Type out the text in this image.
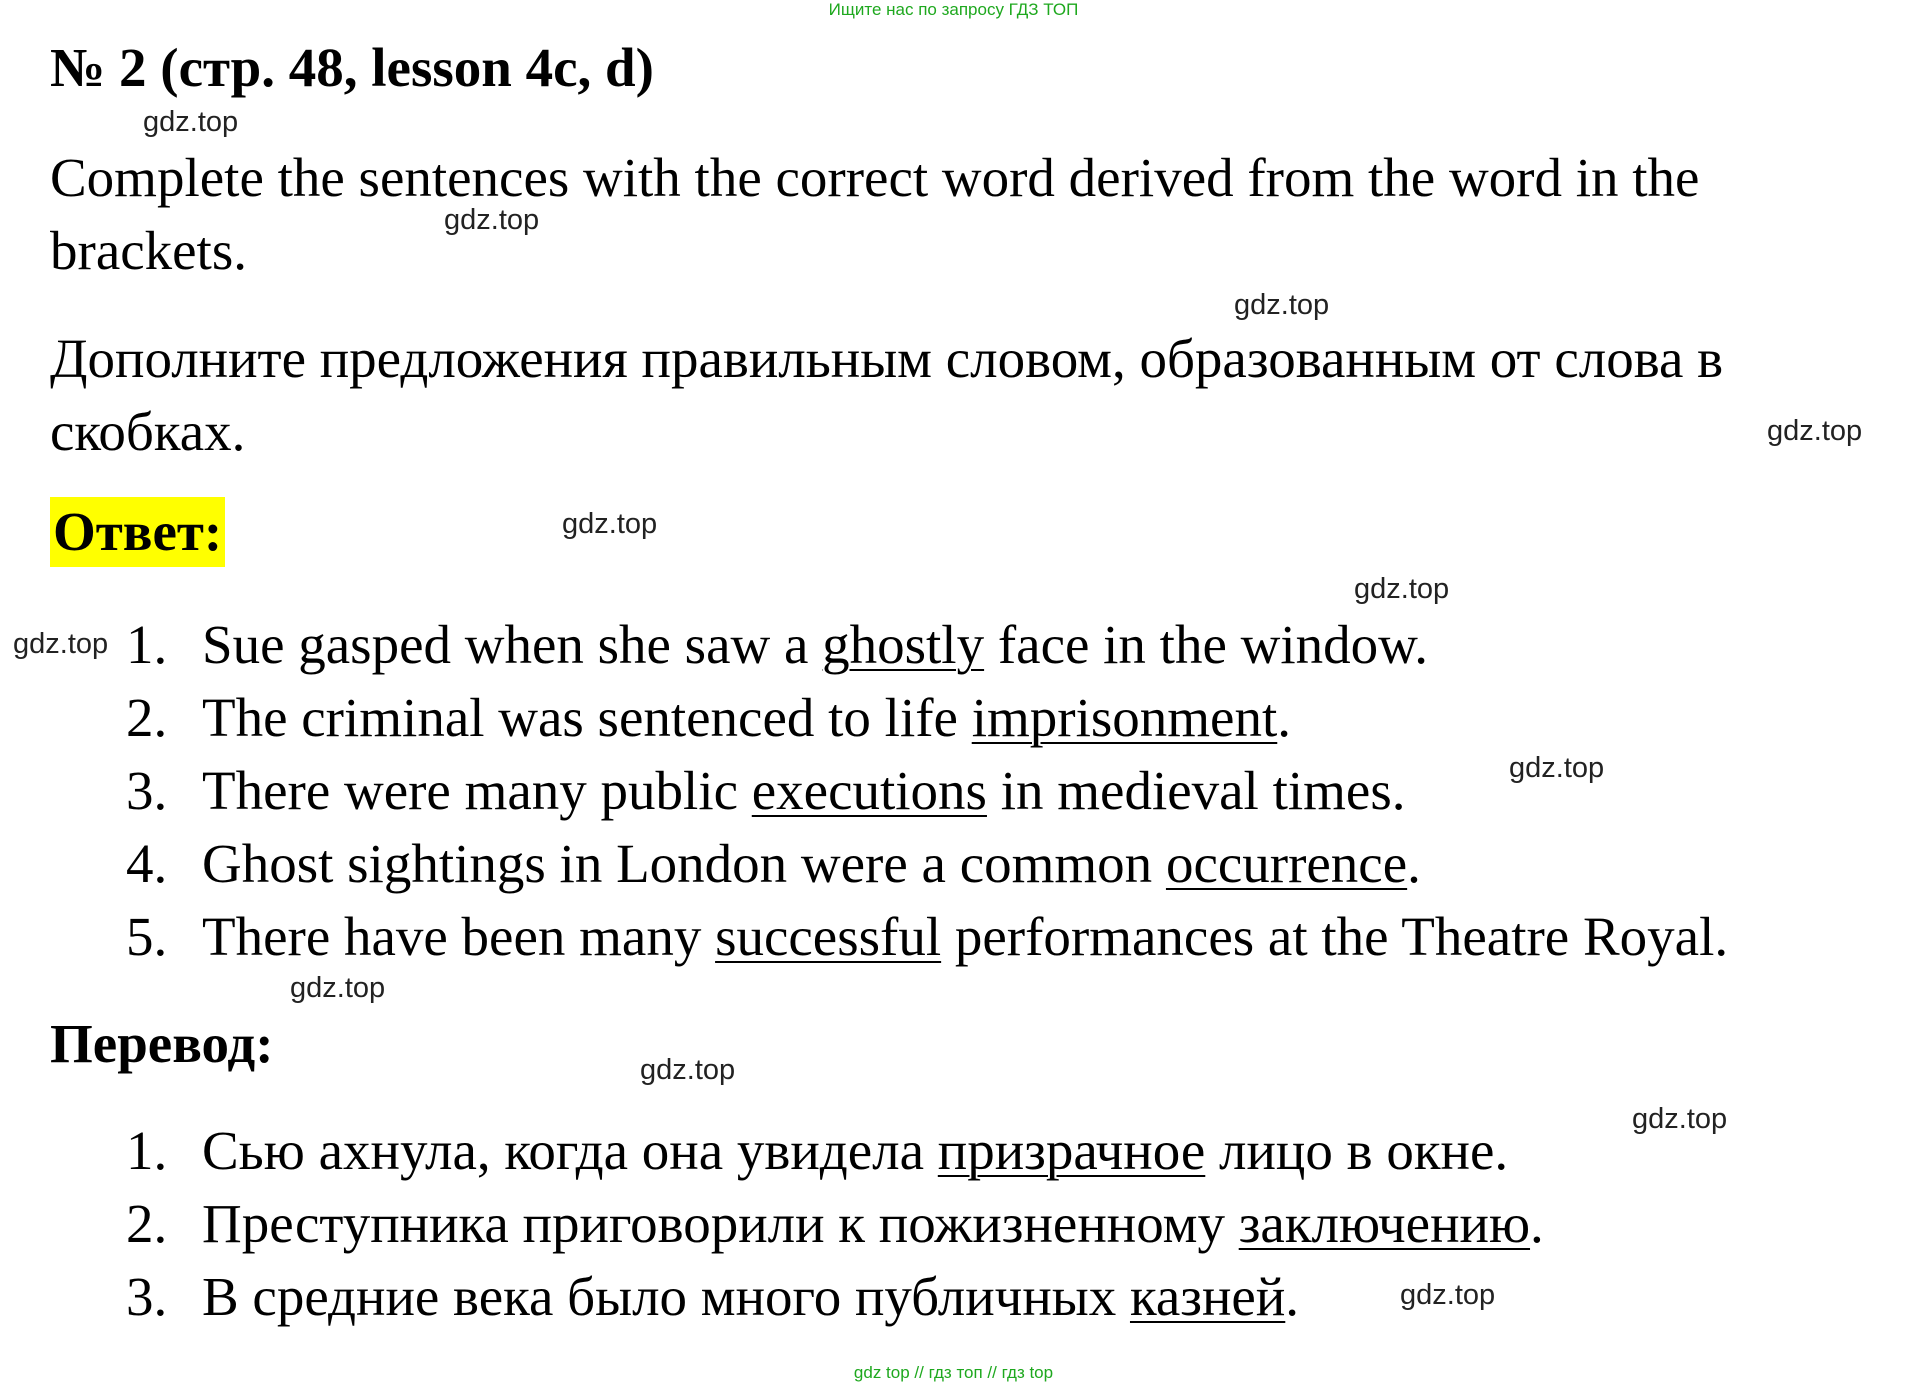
Ищите нас по запросу ГДЗ ТОП
№ 2 (стр. 48, lesson 4c, d)
Complete the sentences with the correct word derived from the word in the brackets.
Дополните предложения правильным словом, образованным от слова в скобках.
Ответ:
1. Sue gasped when she saw a ghostly face in the window.
2. The criminal was sentenced to life imprisonment.
3. There were many public executions in medieval times.
4. Ghost sightings in London were a common occurrence.
5. There have been many successful performances at the Theatre Royal.
Перевод:
1. Сью ахнула, когда она увидела призрачное лицо в окне.
2. Преступника приговорили к пожизненному заключению.
3. В средние века было много публичных казней.
gdz.top
gdz.top
gdz.top
gdz.top
gdz.top
gdz.top
gdz.top
gdz.top
gdz.top
gdz.top
gdz.top
gdz.top
gdz top // гдз топ // гдз top
